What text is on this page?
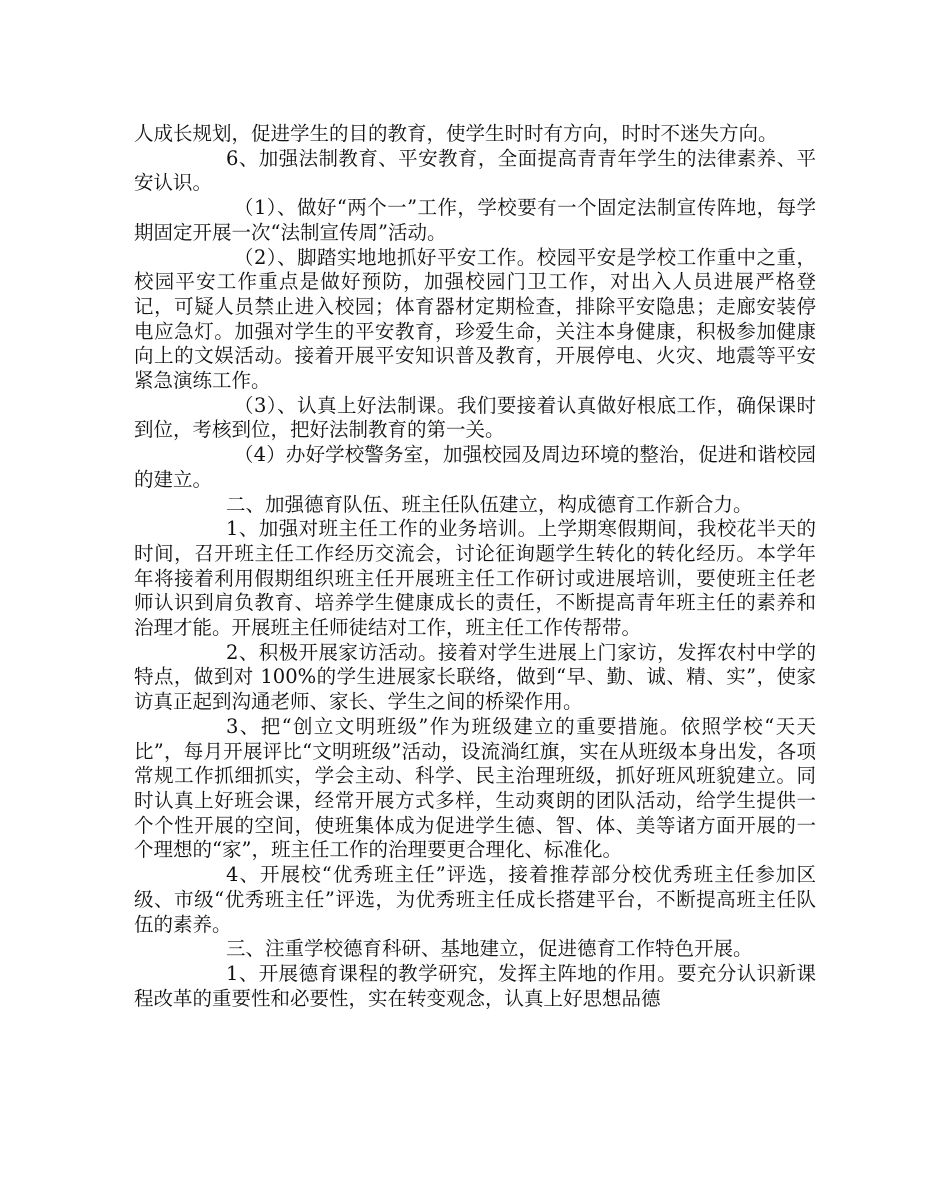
人成长规划，促进学生的目的教育，使学生时时有方向，时时不迷失方向。

6、加强法制教育、平安教育，全面提高青青年学生的法律素养、平安认识。

（1）、做好“两个一”工作，学校要有一个固定法制宣传阵地，每学期固定开展一次“法制宣传周”活动。

（2）、脚踏实地地抓好平安工作。校园平安是学校工作重中之重，校园平安工作重点是做好预防，加强校园门卫工作，对出入人员进展严格登记，可疑人员禁止进入校园；体育器材定期检查，排除平安隐患；走廊安装停电应急灯。加强对学生的平安教育，珍爱生命，关注本身健康，积极参加健康向上的文娱活动。接着开展平安知识普及教育，开展停电、火灾、地震等平安紧急演练工作。

（3）、认真上好法制课。我们要接着认真做好根底工作，确保课时到位，考核到位，把好法制教育的第一关。

（4）办好学校警务室，加强校园及周边环境的整治，促进和谐校园的建立。

二、加强德育队伍、班主任队伍建立，构成德育工作新合力。

1、加强对班主任工作的业务培训。上学期寒假期间，我校花半天的时间，召开班主任工作经历交流会，讨论征询题学生转化的转化经历。本学年年将接着利用假期组织班主任开展班主任工作研讨或进展培训，要使班主任老师认识到肩负教育、培养学生健康成长的责任，不断提高青年班主任的素养和治理才能。开展班主任师徒结对工作，班主任工作传帮带。

2、积极开展家访活动。接着对学生进展上门家访，发挥农村中学的特点，做到对 100%的学生进展家长联络，做到“早、勤、诚、精、实”，使家访真正起到沟通老师、家长、学生之间的桥梁作用。

3、把“创立文明班级”作为班级建立的重要措施。依照学校“天天比”，每月开展评比“文明班级”活动，设流淌红旗，实在从班级本身出发，各项常规工作抓细抓实，学会主动、科学、民主治理班级，抓好班风班貌建立。同时认真上好班会课，经常开展方式多样，生动爽朗的团队活动，给学生提供一个个性开展的空间，使班集体成为促进学生德、智、体、美等诸方面开展的一个理想的“家”，班主任工作的治理要更合理化、标准化。

4、开展校“优秀班主任”评选，接着推荐部分校优秀班主任参加区级、市级“优秀班主任”评选，为优秀班主任成长搭建平台，不断提高班主任队伍的素养。

三、注重学校德育科研、基地建立，促进德育工作特色开展。

1、开展德育课程的教学研究，发挥主阵地的作用。要充分认识新课程改革的重要性和必要性，实在转变观念，认真上好思想品德
